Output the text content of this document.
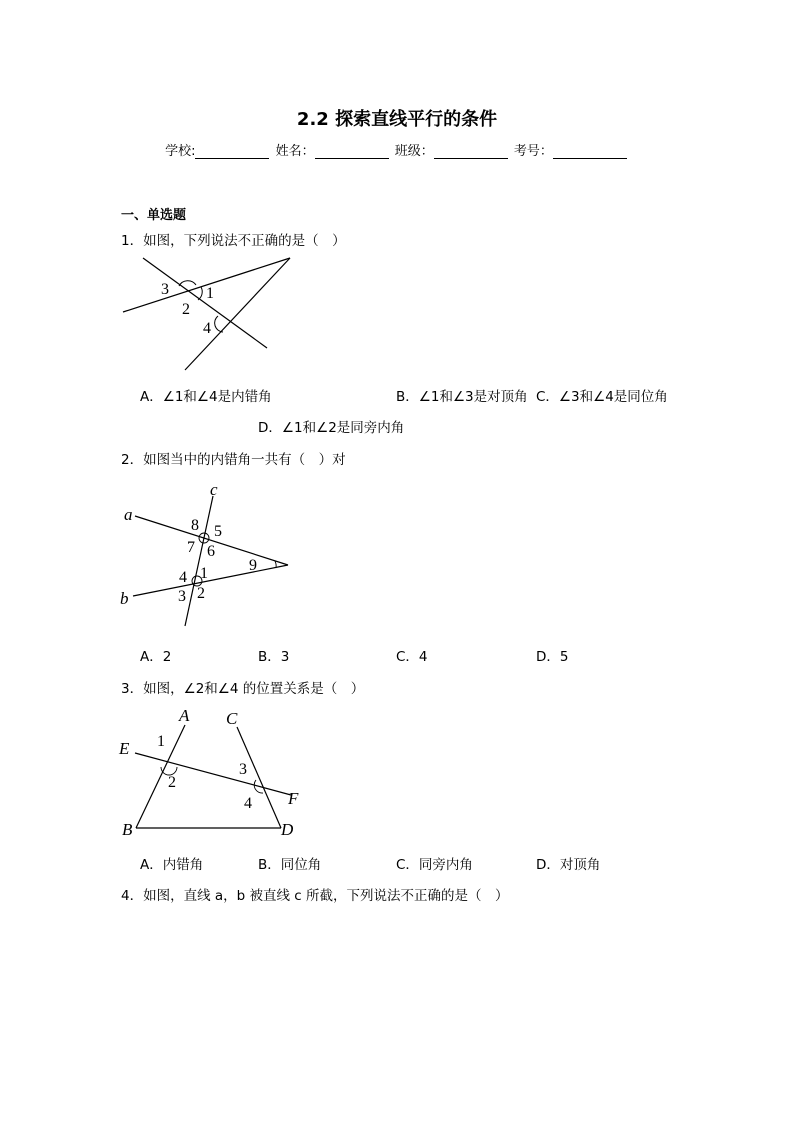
2.2 探索直线平行的条件
学校:	姓名：	班级：	考号：
一、单选题
1．如图，下列说法不正确的是（　）
3 1
2
4
A．∠1和∠4是内错角	B．∠1和∠3是对顶角 C．∠3和∠4是同位角
D．∠1和∠2是同旁内角
2．如图当中的内错角一共有（　）对
c
a
8 5
7 6
9
4 1
3 2
b
A．2	B．3	C．4	D．5
3．如图，∠2和∠4 的位置关系是（　）
A C
1
E
2
3
4 F
B	D
A．内错角	B．同位角	C．同旁内角	D．对顶角
4．如图，直线 a，b 被直线 c 所截，下列说法不正确的是（　）
